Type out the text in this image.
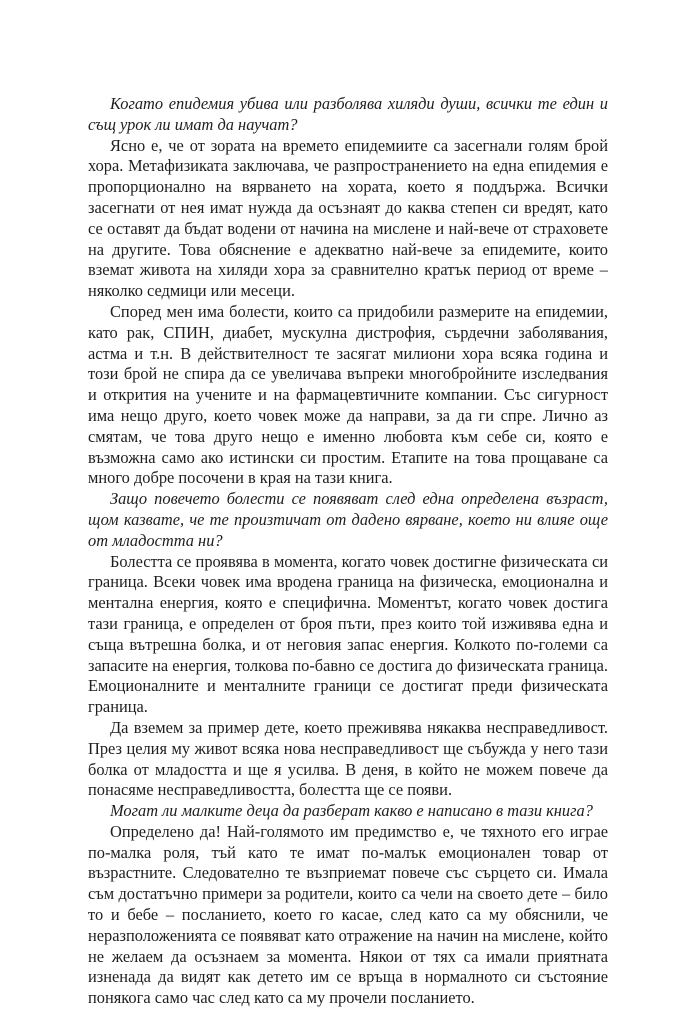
Когато епидемия убива или разболява хиляди души, всички те един и същ урок ли имат да научат?

Ясно е, че от зората на времето епидемиите са засегнали голям брой хора. Метафизиката заключава, че разпространението на една епидемия е пропорционално на вярването на хората, което я поддържа. Всички засегнати от нея имат нужда да осъзнаят до каква степен си вредят, като се оставят да бъдат водени от начина на мислене и най-вече от страховете на другите. Това обяснение е адекватно най-вече за епидемите, които вземат живота на хиляди хора за сравнително кратък период от време – няколко седмици или месеци.

Според мен има болести, които са придобили размерите на епидемии, като рак, СПИН, диабет, мускулна дистрофия, сърдечни заболявания, астма и т.н. В действителност те засягат милиони хора всяка година и този брой не спира да се увеличава въпреки многобройните изследвания и открития на учените и на фармацевтичните компании. Със сигурност има нещо друго, което човек може да направи, за да ги спре. Лично аз смятам, че това друго нещо е именно любовта към себе си, която е възможна само ако истински си простим. Етапите на това прощаване са много добре посочени в края на тази книга.

Защо повечето болести се появяват след една определена възраст, щом казвате, че те произтичат от дадено вярване, което ни влияе още от младостта ни?

Болестта се проявява в момента, когато човек достигне физическата си граница. Всеки човек има вродена граница на физическа, емоционална и ментална енергия, която е специфична. Моментът, когато човек достига тази граница, е определен от броя пъти, през които той изживява една и съща вътрешна болка, и от неговия запас енергия. Колкото по-големи са запасите на енергия, толкова по-бавно се достига до физическата граница. Емоционалните и менталните граници се достигат преди физическата граница.

Да вземем за пример дете, което преживява някаква несправедливост. През целия му живот всяка нова несправедливост ще събужда у него тази болка от младостта и ще я усилва. В деня, в който не можем повече да понасяме несправедливостта, болестта ще се появи.

Могат ли малките деца да разберат какво е написано в тази книга?

Определено да! Най-голямото им предимство е, че тяхното его играе по-малка роля, тъй като те имат по-малък емоционален товар от възрастните. Следователно те възприемат повече със сърцето си. Имала съм достатъчно примери за родители, които са чели на своето дете – било то и бебе – посланието, което го касае, след като са му обяснили, че неразположенията се появяват като отражение на начин на мислене, който не желаем да осъзнаем за момента. Някои от тях са имали приятната изненада да видят как детето им се връща в нормалното си състояние понякога само час след като са му прочели посланието.
